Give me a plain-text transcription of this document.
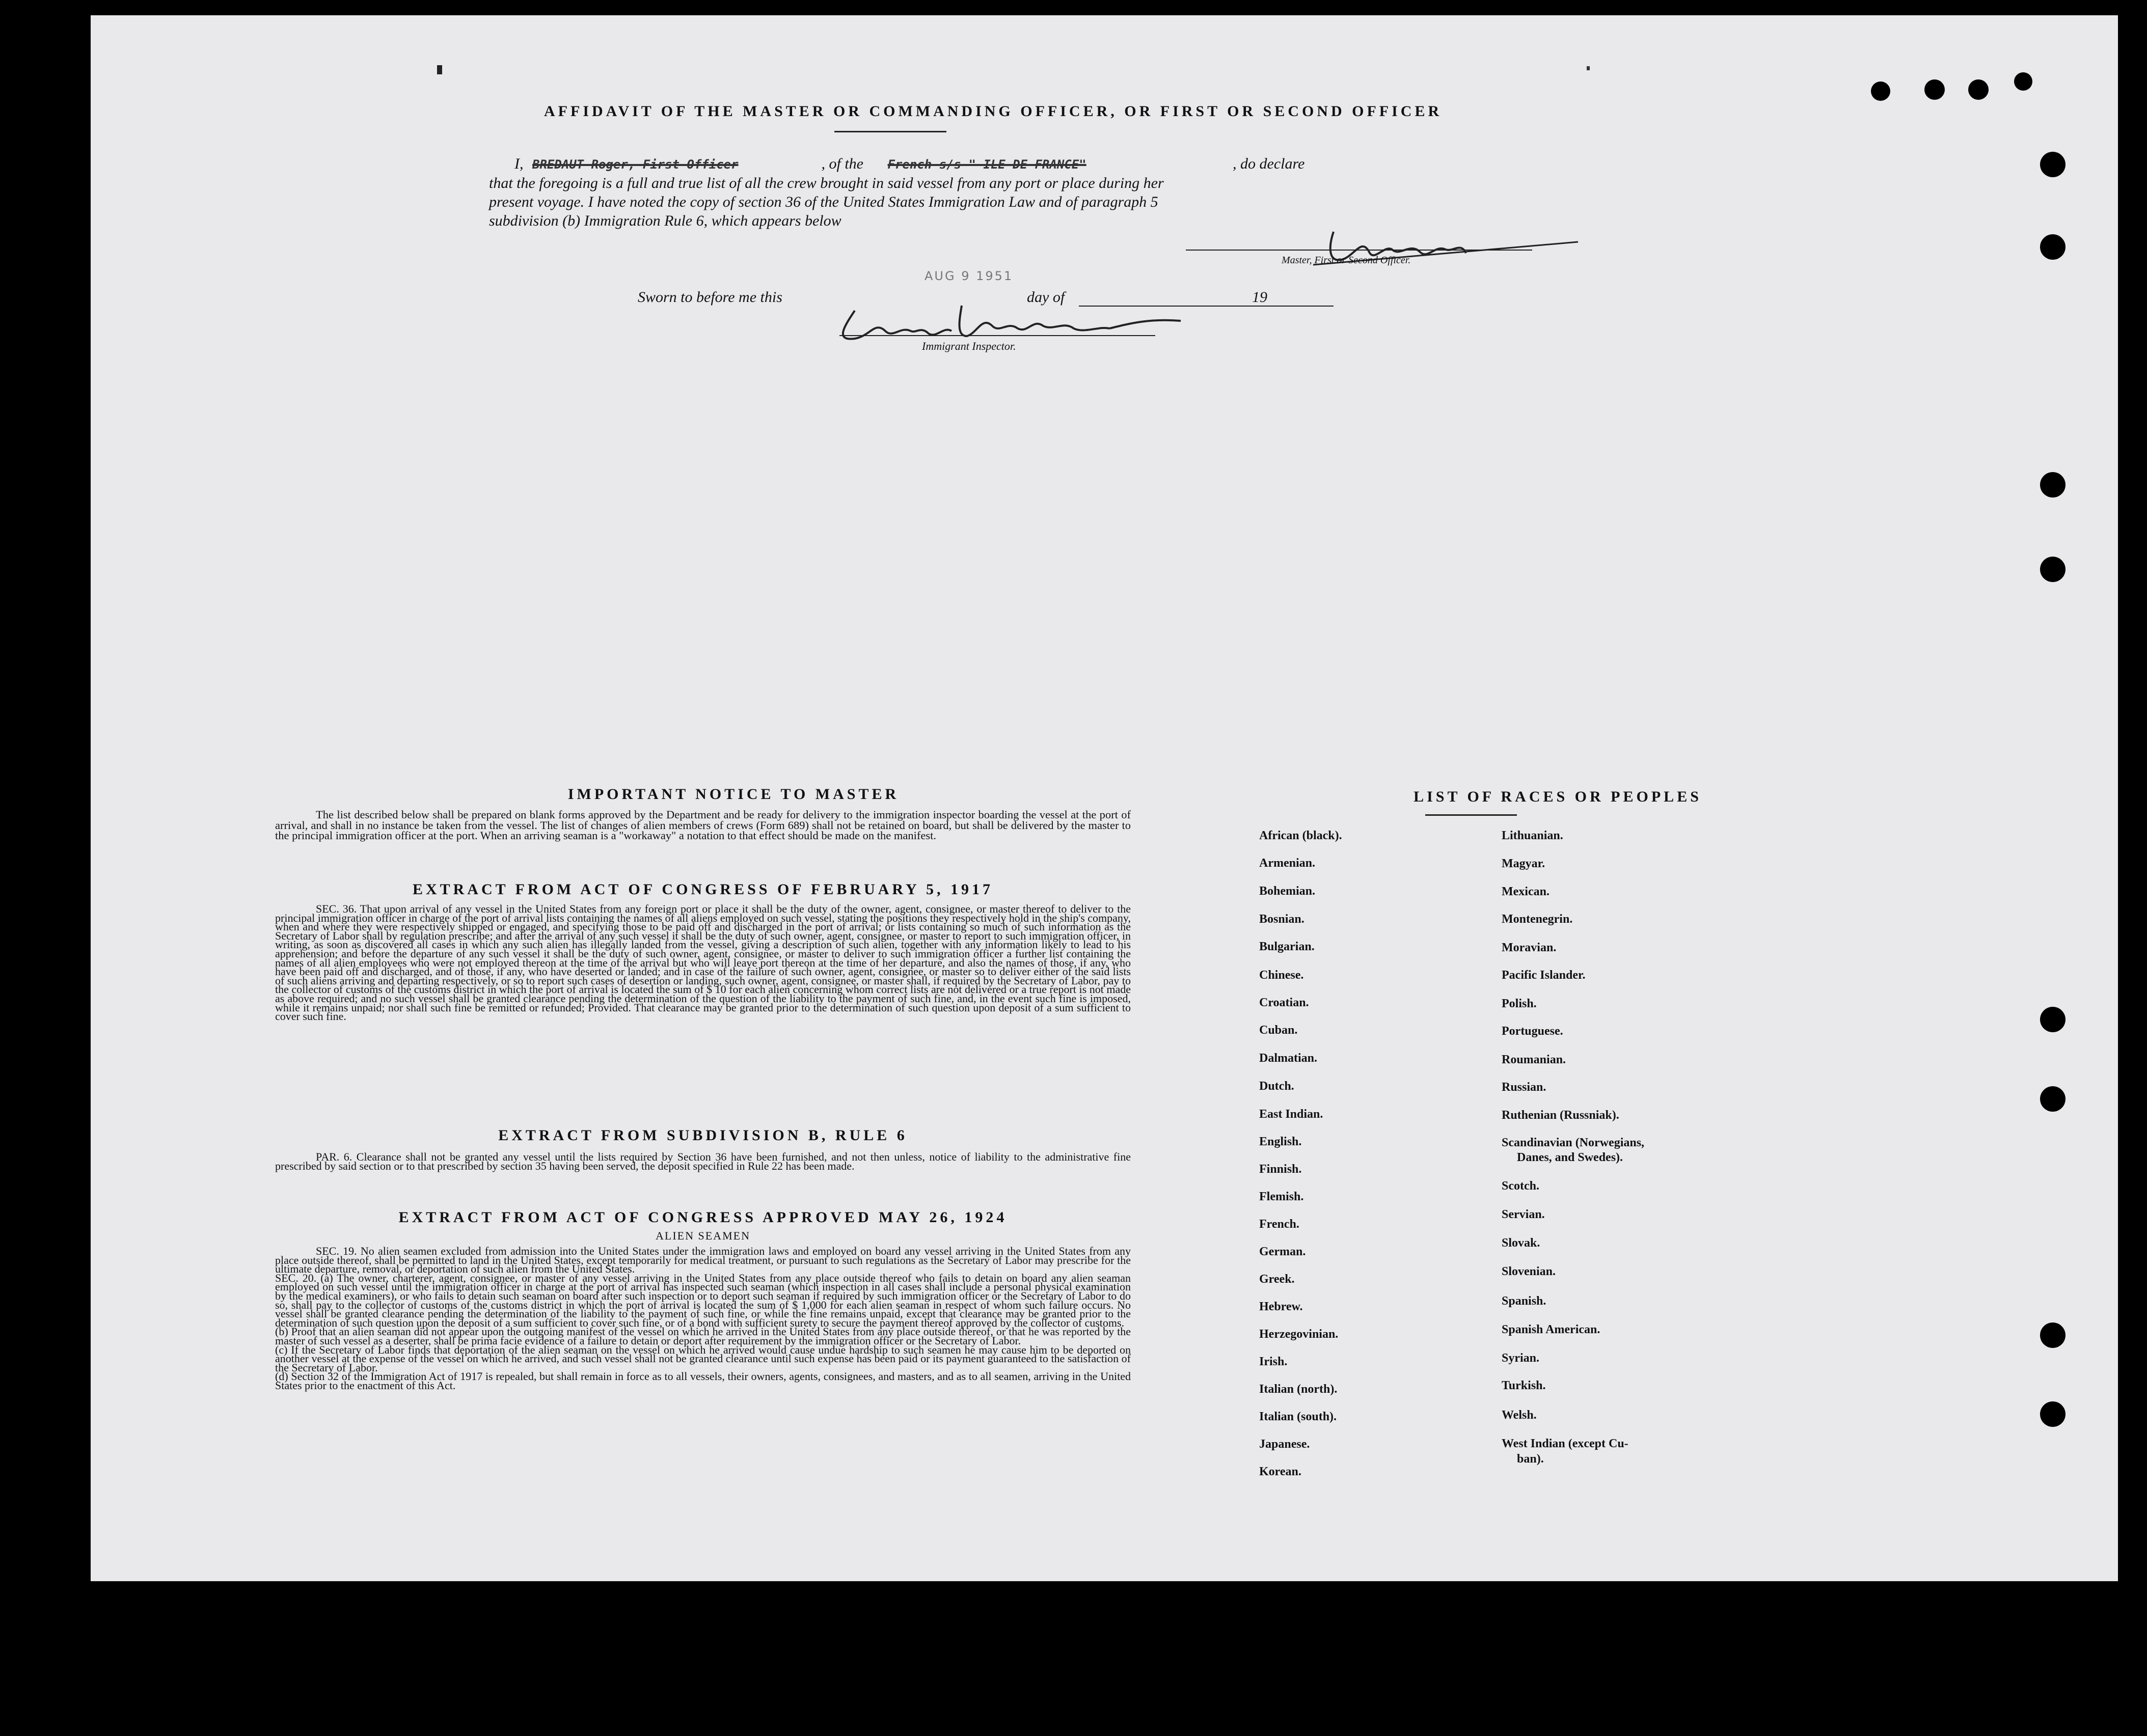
AFFIDAVIT OF THE MASTER OR COMMANDING OFFICER, OR FIRST OR SECOND OFFICER
I, BREDAUT Roger, First Officer	, of the French s/s " ILE DE FRANCE"	, do declare
that the foregoing is a full and true list of all the crew brought in said vessel from any port or place during her
present voyage. I have noted the copy of section 36 of the United States Immigration Law and of paragraph 5
subdivision (b) Immigration Rule 6, which appears below
Master, First or Second Officer.
Sworn to before me this
AUG 9 1951
day of	19
Immigrant Inspector.
IMPORTANT NOTICE TO MASTER
The list described below shall be prepared on blank forms approved by the Department and be ready for delivery to the immigration inspector boarding the vessel at the port of arrival, and shall in no instance be taken from the vessel. The list of changes of alien members of crews (Form 689) shall not be retained on board, but shall be delivered by the master to the principal immigration officer at the port. When an arriving seaman is a "workaway" a notation to that effect should be made on the manifest.
EXTRACT FROM ACT OF CONGRESS OF FEBRUARY 5, 1917
SEC. 36. That upon arrival of any vessel in the United States from any foreign port or place it shall be the duty of the owner, agent, consignee, or master thereof to deliver to the principal immigration officer in charge of the port of arrival lists containing the names of all aliens employed on such vessel, stating the positions they respectively hold in the ship's company, when and where they were respectively shipped or engaged, and specifying those to be paid off and discharged in the port of arrival; or lists containing so much of such information as the Secretary of Labor shall by regulation prescribe; and after the arrival of any such vessel it shall be the duty of such owner, agent, consignee, or master to report to such immigration officer, in writing, as soon as discovered all cases in which any such alien has illegally landed from the vessel, giving a description of such alien, together with any information likely to lead to his apprehension; and before the departure of any such vessel it shall be the duty of such owner, agent, consignee, or master to deliver to such immigration officer a further list containing the names of all alien employees who were not employed thereon at the time of the arrival but who will leave port thereon at the time of her departure, and also the names of those, if any, who have been paid off and discharged, and of those, if any, who have deserted or landed; and in case of the failure of such owner, agent, consignee, or master so to deliver either of the said lists of such aliens arriving and departing respectively, or so to report such cases of desertion or landing, such owner, agent, consignee, or master shall, if required by the Secretary of Labor, pay to the collector of customs of the customs district in which the port of arrival is located the sum of $ 10 for each alien concerning whom correct lists are not delivered or a true report is not made as above required; and no such vessel shall be granted clearance pending the determination of the question of the liability to the payment of such fine, and, in the event such fine is imposed, while it remains unpaid; nor shall such fine be remitted or refunded; Provided. That clearance may be granted prior to the determination of such question upon deposit of a sum sufficient to cover such fine.
EXTRACT FROM SUBDIVISION B, RULE 6
PAR. 6. Clearance shall not be granted any vessel until the lists required by Section 36 have been furnished, and not then unless, notice of liability to the administrative fine prescribed by said section or to that prescribed by section 35 having been served, the deposit specified in Rule 22 has been made.
EXTRACT FROM ACT OF CONGRESS APPROVED MAY 26, 1924
ALIEN SEAMEN
SEC. 19. No alien seamen excluded from admission into the United States under the immigration laws and employed on board any vessel arriving in the United States from any place outside thereof, shall be permitted to land in the United States, except temporarily for medical treatment, or pursuant to such regulations as the Secretary of Labor may prescribe for the ultimate departure, removal, or deportation of such alien from the United States.
SEC. 20. (a) The owner, charterer, agent, consignee, or master of any vessel arriving in the United States from any place outside thereof who fails to detain on board any alien seaman employed on such vessel until the immigration officer in charge at the port of arrival has inspected such seaman (which inspection in all cases shall include a personal physical examination by the medical examiners), or who fails to detain such seaman on board after such inspection or to deport such seaman if required by such immigration officer or the Secretary of Labor to do so, shall pay to the collector of customs of the customs district in which the port of arrival is located the sum of $ 1,000 for each alien seaman in respect of whom such failure occurs. No vessel shall be granted clearance pending the determination of the liability to the payment of such fine, or while the fine remains unpaid, except that clearance may be granted prior to the determination of such question upon the deposit of a sum sufficient to cover such fine, or of a bond with sufficient surety to secure the payment thereof approved by the collector of customs.
(b) Proof that an alien seaman did not appear upon the outgoing manifest of the vessel on which he arrived in the United States from any place outside thereof, or that he was reported by the master of such vessel as a deserter, shall be prima facie evidence of a failure to detain or deport after requirement by the immigration officer or the Secretary of Labor.
(c) If the Secretary of Labor finds that deportation of the alien seaman on the vessel on which he arrived would cause undue hardship to such seamen he may cause him to be deported on another vessel at the expense of the vessel on which he arrived, and such vessel shall not be granted clearance until such expense has been paid or its payment guaranteed to the satisfaction of the Secretary of Labor.
(d) Section 32 of the Immigration Act of 1917 is repealed, but shall remain in force as to all vessels, their owners, agents, consignees, and masters, and as to all seamen, arriving in the United States prior to the enactment of this Act.
LIST OF RACES OR PEOPLES
African (black).
Armenian.
Bohemian.
Bosnian.
Bulgarian.
Chinese.
Croatian.
Cuban.
Dalmatian.
Dutch.
East Indian.
English.
Finnish.
Flemish.
French.
German.
Greek.
Hebrew.
Herzegovinian.
Irish.
Italian (north).
Italian (south).
Japanese.
Korean.
Lithuanian.
Magyar.
Mexican.
Montenegrin.
Moravian.
Pacific Islander.
Polish.
Portuguese.
Roumanian.
Russian.
Ruthenian (Russniak).
Scandinavian (Norwegians,
Danes, and Swedes).
Scotch.
Servian.
Slovak.
Slovenian.
Spanish.
Spanish American.
Syrian.
Turkish.
Welsh.
West Indian (except Cu-
ban).
